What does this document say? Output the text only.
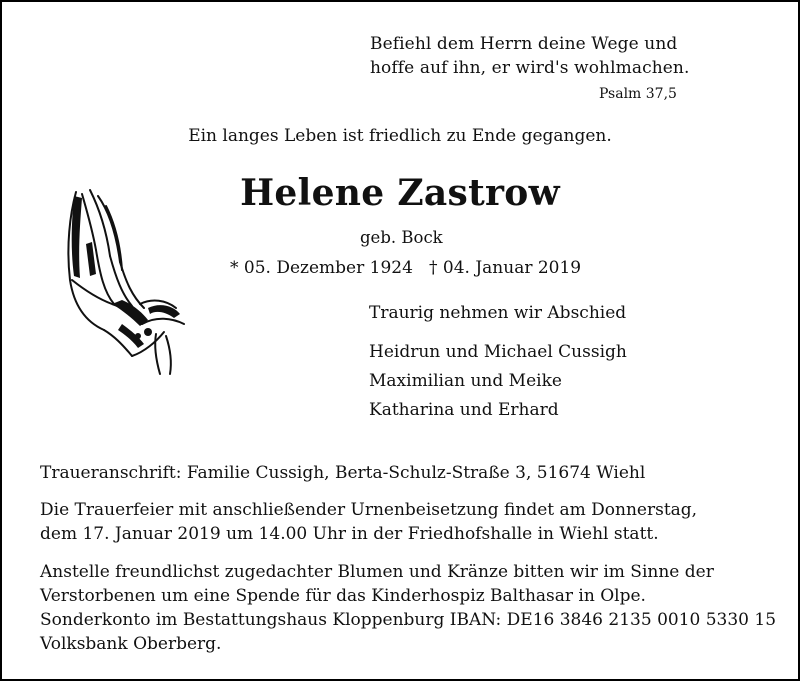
Befiehl dem Herrn deine Wege und
hoffe auf ihn, er wird's wohlmachen.
Psalm 37,5
Ein langes Leben ist friedlich zu Ende gegangen.
Helene Zastrow
geb. Bock
* 05. Dezember 1924 † 04. Januar 2019
Traurig nehmen wir Abschied
Heidrun und Michael Cussigh
Maximilian und Meike
Katharina und Erhard
Traueranschrift: Familie Cussigh, Berta-Schulz-Straße 3, 51674 Wiehl
Die Trauerfeier mit anschließender Urnenbeisetzung findet am Donnerstag,
dem 17. Januar 2019 um 14.00 Uhr in der Friedhofshalle in Wiehl statt.
Anstelle freundlichst zugedachter Blumen und Kränze bitten wir im Sinne der
Verstorbenen um eine Spende für das Kinderhospiz Balthasar in Olpe.
Sonderkonto im Bestattungshaus Kloppenburg IBAN: DE16 3846 2135 0010 5330 15
Volksbank Oberberg.
